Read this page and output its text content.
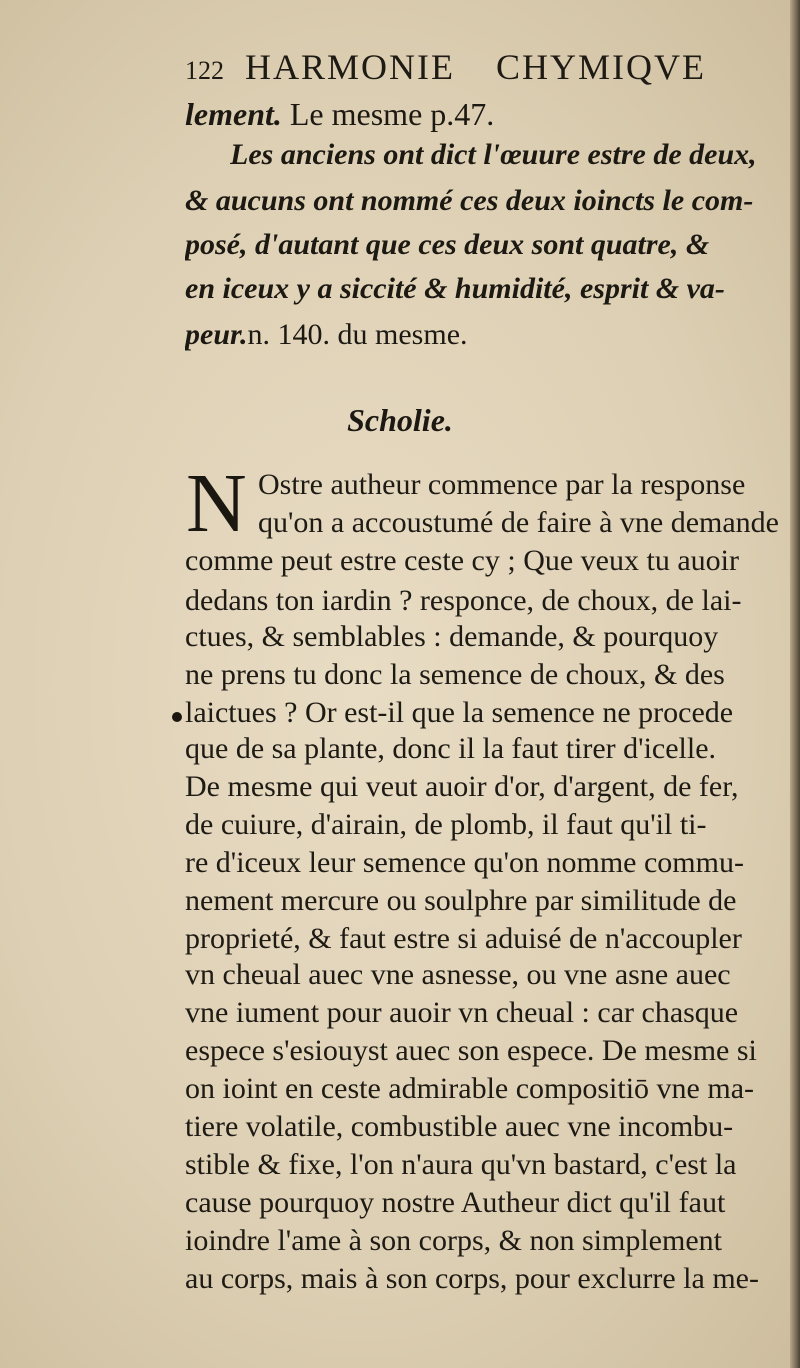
122 HARMONIE CHYMIQVE
lement. Le mesme p.47.
Les anciens ont dict l'œuure estre de deux,
& aucuns ont nommé ces deux ioincts le com-
posé, d'autant que ces deux sont quatre, &
en iceux y a siccité & humidité, esprit & va-
peur.n. 140. du mesme.
Scholie.
N Ostre autheur commence par la response
qu'on a accoustumé de faire à vne demande
comme peut estre ceste cy ; Que veux tu auoir
dedans ton iardin ? responce, de choux, de lai-
ctues, & semblables : demande, & pourquoy
ne prens tu donc la semence de choux, & des
laictues ? Or est-il que la semence ne procede
que de sa plante, donc il la faut tirer d'icelle.
De mesme qui veut auoir d'or, d'argent, de fer,
de cuiure, d'airain, de plomb, il faut qu'il ti-
re d'iceux leur semence qu'on nomme commu-
nement mercure ou soulphre par similitude de
proprieté, & faut estre si aduisé de n'accoupler
vn cheual auec vne asnesse, ou vne asne auec
vne iument pour auoir vn cheual : car chasque
espece s'esiouyst auec son espece. De mesme si
on ioint en ceste admirable compositiō vne ma-
tiere volatile, combustible auec vne incombu-
stible & fixe, l'on n'aura qu'vn bastard, c'est la
cause pourquoy nostre Autheur dict qu'il faut
ioindre l'ame à son corps, & non simplement
au corps, mais à son corps, pour exclurre la me-
